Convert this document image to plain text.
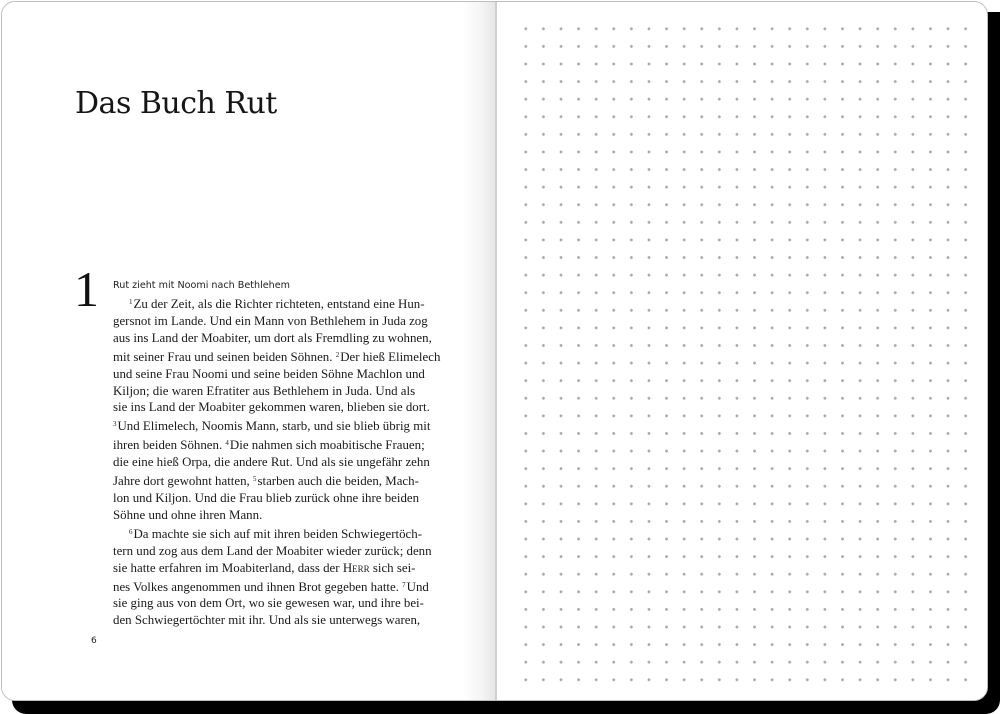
Das Buch Rut
1 Rut zieht mit Noomi nach Bethlehem
$^1$Zu der Zeit, als die Richter richteten, entstand eine Hun-
gersnot im Lande. Und ein Mann von Bethlehem in Juda zog
aus ins Land der Moabiter, um dort als Fremdling zu wohnen,
mit seiner Frau und seinen beiden Söhnen. $^2$Der hieß Elimelech
und seine Frau Noomi und seine beiden Söhne Machlon und
Kiljon; die waren Efratiter aus Bethlehem in Juda. Und als
sie ins Land der Moabiter gekommen waren, blieben sie dort.
$^3$Und Elimelech, Noomis Mann, starb, und sie blieb übrig mit
ihren beiden Söhnen. $^4$Die nahmen sich moabitische Frauen;
die eine hieß Orpa, die andere Rut. Und als sie ungefähr zehn
Jahre dort gewohnt hatten, $^5$starben auch die beiden, Mach-
lon und Kiljon. Und die Frau blieb zurück ohne ihre beiden
Söhne und ohne ihren Mann.
$^6$Da machte sie sich auf mit ihren beiden Schwiegertöch-
tern und zog aus dem Land der Moabiter wieder zurück; denn
sie hatte erfahren im Moabiterland, dass der Herr sich sei-
nes Volkes angenommen und ihnen Brot gegeben hatte. $^7$Und
sie ging aus von dem Ort, wo sie gewesen war, und ihre bei-
den Schwiegertöchter mit ihr. Und als sie unterwegs waren,
6
